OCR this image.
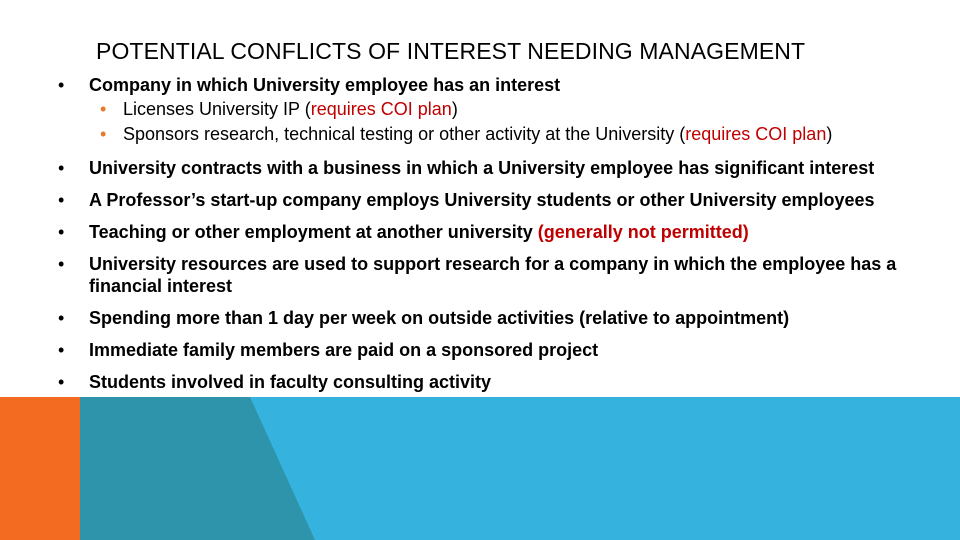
POTENTIAL CONFLICTS OF INTEREST NEEDING MANAGEMENT
• Company in which University employee has an interest
• Licenses University IP (requires COI plan)
• Sponsors research, technical testing or other activity at the University (requires COI plan)
• University contracts with a business in which a University employee has significant interest
• A Professor’s start-up company employs University students or other University employees
• Teaching or other employment at another university (generally not permitted)
• University resources are used to support research for a company in which the employee has a financial interest
• Spending more than 1 day per week on outside activities (relative to appointment)
• Immediate family members are paid on a sponsored project
• Students involved in faculty consulting activity
